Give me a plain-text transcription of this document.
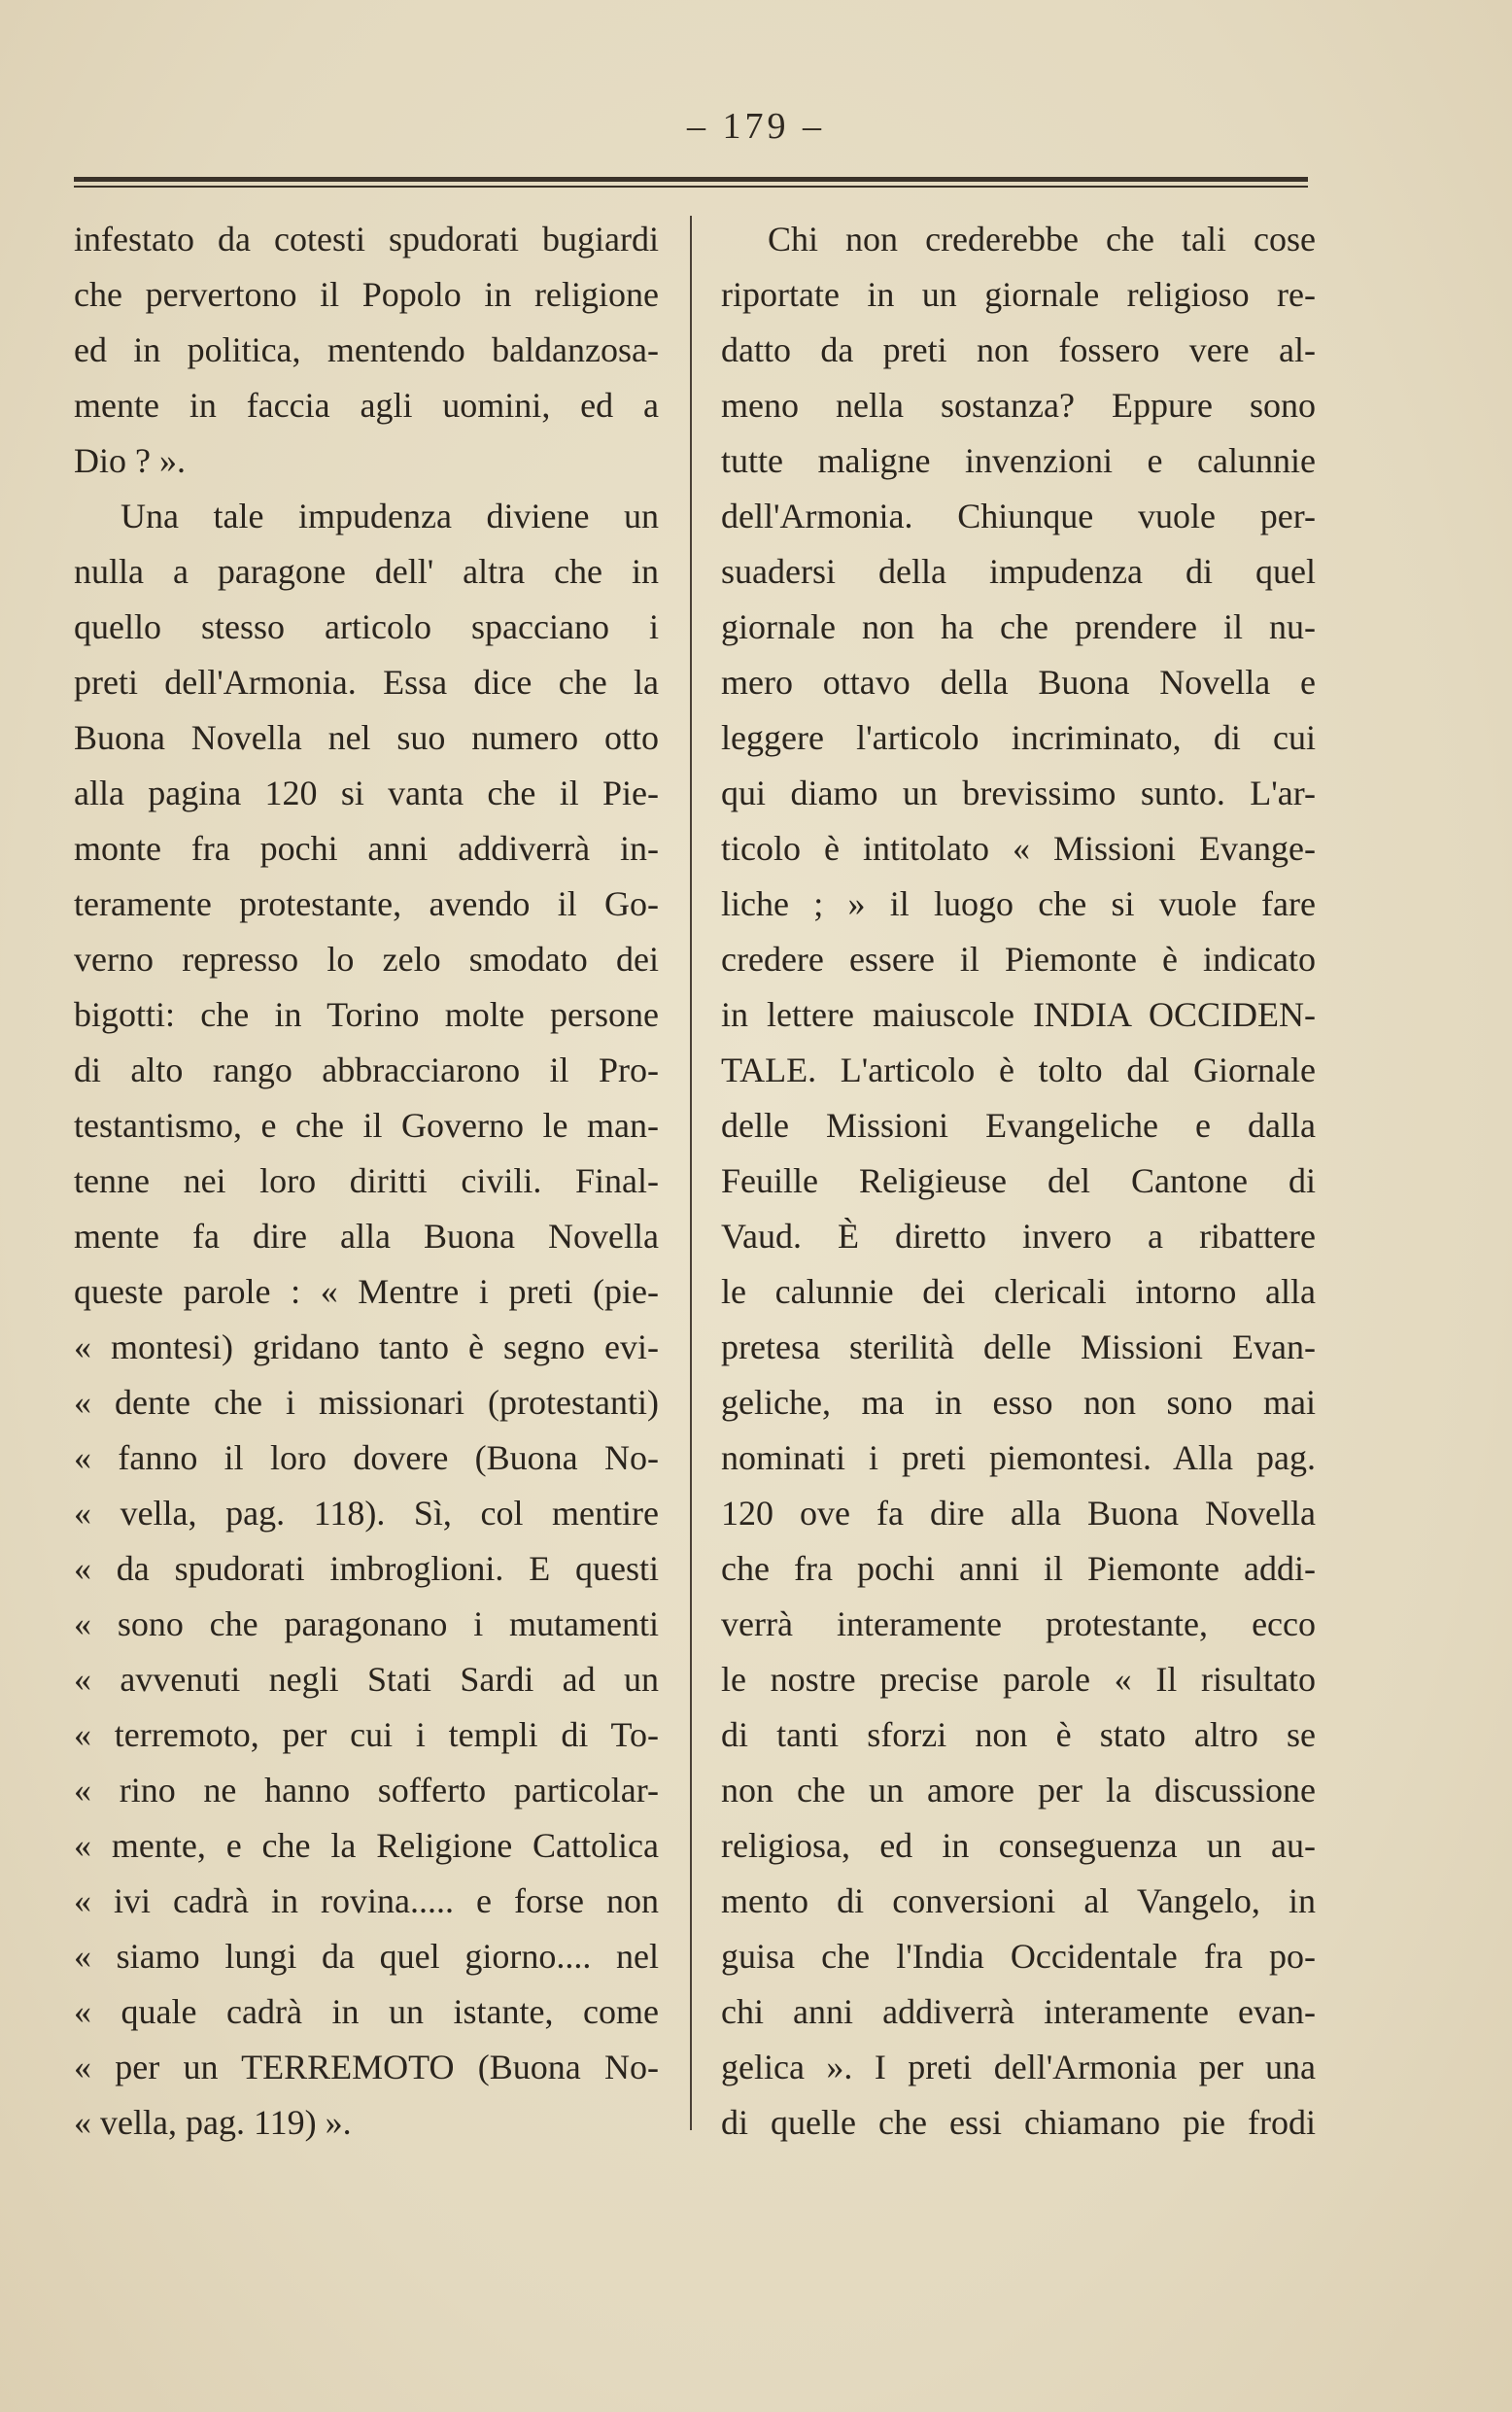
– 179 –
infestato da cotesti spudorati bugiardi
che pervertono il Popolo in religione
ed in politica, mentendo baldanzosa-
mente in faccia agli uomini, ed a
Dio ? ».
Una tale impudenza diviene un
nulla a paragone dell' altra che in
quello stesso articolo spacciano i
preti dell'Armonia. Essa dice che la
Buona Novella nel suo numero otto
alla pagina 120 si vanta che il Pie-
monte fra pochi anni addiverrà in-
teramente protestante, avendo il Go-
verno represso lo zelo smodato dei
bigotti: che in Torino molte persone
di alto rango abbracciarono il Pro-
testantismo, e che il Governo le man-
tenne nei loro diritti civili. Final-
mente fa dire alla Buona Novella
queste parole : « Mentre i preti (pie-
« montesi) gridano tanto è segno evi-
« dente che i missionari (protestanti)
« fanno il loro dovere (Buona No-
« vella, pag. 118). Sì, col mentire
« da spudorati imbroglioni. E questi
« sono che paragonano i mutamenti
« avvenuti negli Stati Sardi ad un
« terremoto, per cui i templi di To-
« rino ne hanno sofferto particolar-
« mente, e che la Religione Cattolica
« ivi cadrà in rovina..... e forse non
« siamo lungi da quel giorno.... nel
« quale cadrà in un istante, come
« per un TERREMOTO (Buona No-
« vella, pag. 119) ».
Chi non crederebbe che tali cose
riportate in un giornale religioso re-
datto da preti non fossero vere al-
meno nella sostanza? Eppure sono
tutte maligne invenzioni e calunnie
dell'Armonia. Chiunque vuole per-
suadersi della impudenza di quel
giornale non ha che prendere il nu-
mero ottavo della Buona Novella e
leggere l'articolo incriminato, di cui
qui diamo un brevissimo sunto. L'ar-
ticolo è intitolato « Missioni Evange-
liche ; » il luogo che si vuole fare
credere essere il Piemonte è indicato
in lettere maiuscole INDIA OCCIDEN-
TALE. L'articolo è tolto dal Giornale
delle Missioni Evangeliche e dalla
Feuille Religieuse del Cantone di
Vaud. È diretto invero a ribattere
le calunnie dei clericali intorno alla
pretesa sterilità delle Missioni Evan-
geliche, ma in esso non sono mai
nominati i preti piemontesi. Alla pag.
120 ove fa dire alla Buona Novella
che fra pochi anni il Piemonte addi-
verrà interamente protestante, ecco
le nostre precise parole « Il risultato
di tanti sforzi non è stato altro se
non che un amore per la discussione
religiosa, ed in conseguenza un au-
mento di conversioni al Vangelo, in
guisa che l'India Occidentale fra po-
chi anni addiverrà interamente evan-
gelica ». I preti dell'Armonia per una
di quelle che essi chiamano pie frodi
